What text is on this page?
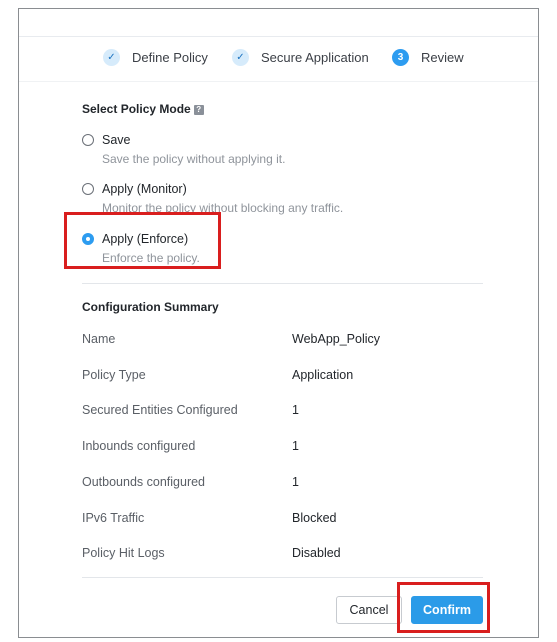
✓	Define Policy	✓	Secure Application	3	Review
Select Policy Mode ?
Save
Save the policy without applying it.
Apply (Monitor)
Monitor the policy without blocking any traffic.
Apply (Enforce)
Enforce the policy.
Configuration Summary
Name	WebApp_Policy
Policy Type	Application
Secured Entities Configured	1
Inbounds configured	1
Outbounds configured	1
IPv6 Traffic	Blocked
Policy Hit Logs	Disabled
Cancel	Confirm
